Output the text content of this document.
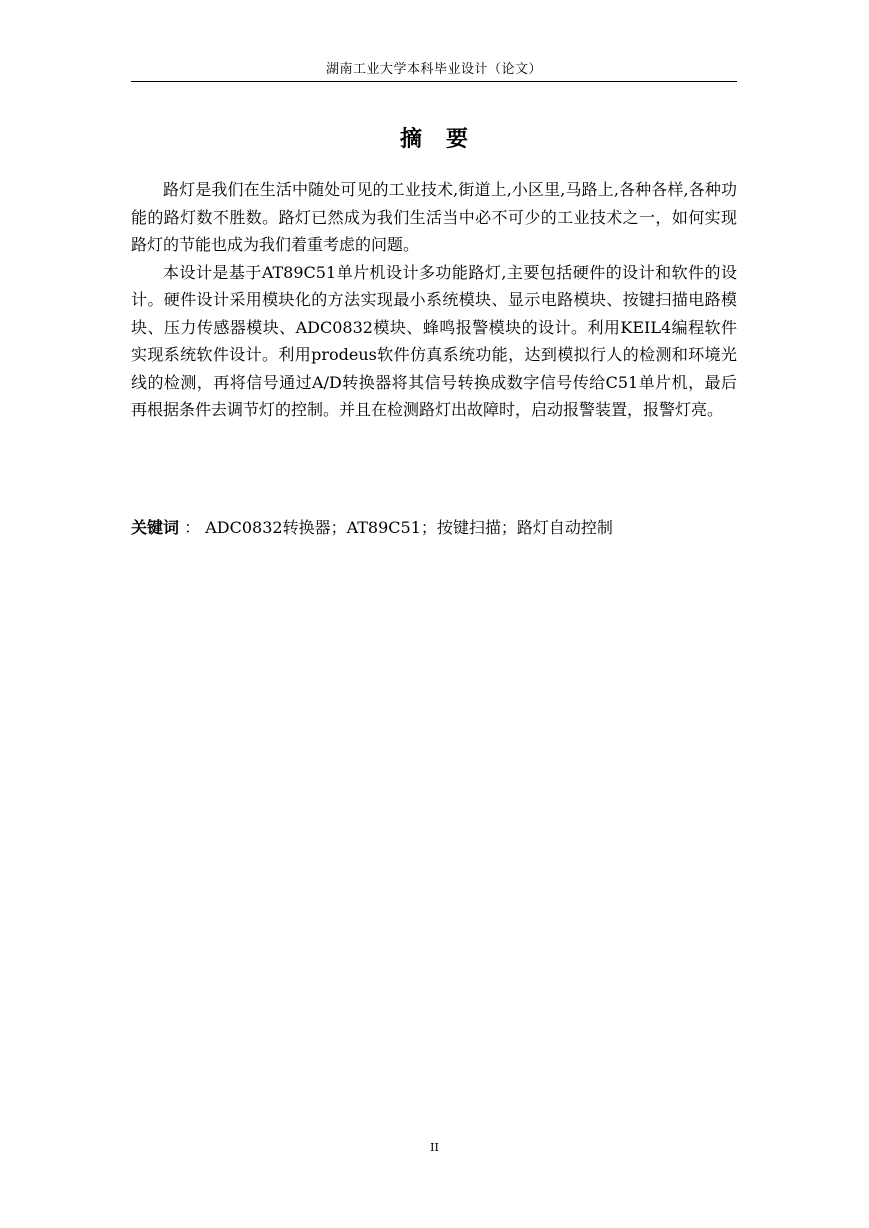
湖南工业大学本科毕业设计（论文）
摘要

路灯是我们在生活中随处可见的工业技术,街道上,小区里,马路上,各种各样,各种功能的路灯数不胜数。路灯已然成为我们生活当中必不可少的工业技术之一，如何实现路灯的节能也成为我们着重考虑的问题。

本设计是基于AT89C51单片机设计多功能路灯,主要包括硬件的设计和软件的设计。硬件设计采用模块化的方法实现最小系统模块、显示电路模块、按键扫描电路模块、压力传感器模块、ADC0832模块、蜂鸣报警模块的设计。利用KEIL4编程软件实现系统软件设计。利用prodeus软件仿真系统功能，达到模拟行人的检测和环境光线的检测，再将信号通过A/D转换器将其信号转换成数字信号传给C51单片机，最后再根据条件去调节灯的控制。并且在检测路灯出故障时，启动报警装置，报警灯亮。

关键词 ： ADC0832转换器；AT89C51；按键扫描；路灯自动控制
II
